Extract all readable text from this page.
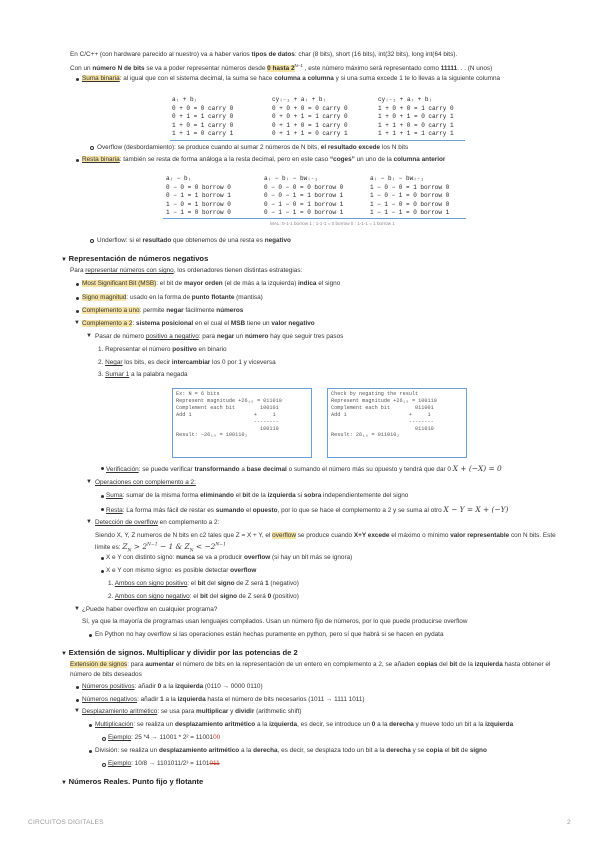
En C/C++ (con hardware parecido al nuestro) va a haber varios tipos de datos: char (8 bits), short (16 bits), int(32 bits), long int(64 bits).
Con un número N de bits se va a poder representar números desde 0 hasta $2^{N-1}$ , este número máximo será representado como 11111. . . (N unos)
Suma binaria: al igual que con el sistema decimal, la suma se hace columna a columna y si una suma excede 1 te lo llevas a la siguiente columna
aᵢ + bᵢ
0 + 0 = 0 carry 0
0 + 1 = 1 carry 0
1 + 0 = 1 carry 0
1 + 1 = 0 carry 1
cyᵢ₋₁ + aᵢ + bᵢ
0 + 0 + 0 = 0 carry 0
0 + 0 + 1 = 1 carry 0
0 + 1 + 0 = 1 carry 0
0 + 1 + 1 = 0 carry 1
cyᵢ₋₁ + aᵢ + bᵢ
1 + 0 + 0 = 1 carry 0
1 + 0 + 1 = 0 carry 1
1 + 1 + 0 = 0 carry 1
1 + 1 + 1 = 1 carry 1
Overflow (desbordamiento): se produce cuando al sumar 2 números de N bits, el resultado excede los N bits
Resta binaria: también se resta de forma análoga a la resta decimal, pero en este caso “coges” un uno de la columna anterior
aᵢ − bᵢ
0 − 0 = 0 borrow 0
0 − 1 = 1 borrow 1
1 − 0 = 1 borrow 0
1 − 1 = 0 borrow 0
aᵢ − bᵢ − bwᵢ₋₁
0 − 0 − 0 = 0 borrow 0
0 − 0 − 1 = 1 borrow 1
0 − 1 − 0 = 1 borrow 1
0 − 1 − 1 = 0 borrow 1
aᵢ − bᵢ − bwᵢ₋₁
1 − 0 − 0 = 1 borrow 0
1 − 0 − 1 = 0 borrow 0
1 − 1 − 0 = 0 borrow 0
1 − 1 − 1 = 0 borrow 1
MAL: 0-1-1 borrow 1 ; 1-1-1 = 0 borrow 0 ; 1-1-1 = 1 borrow 1
Underflow: si el resultado que obtenemos de una resta es negativo
▼ Representación de números negativos
Para representar números con signo, los ordenadores tienen distintas estrategias:
Most Significant Bit (MSB): el bit de mayor orden (el de más a la izquierda) indica el signo
Signo magnitud: usado en la forma de punto flotante (mantisa)
Complemento a uno: permite negar fácilmente números
▼ Complemento a 2: sistema posicional en el cual el MSB tiene un valor negativo
▼ Pasar de número positivo a negativo: para negar un número hay que seguir tres pasos
1. Representar el número positivo en binario
2. Negar los bits, es decir intercambiar los 0 por 1 y viceversa
3. Sumar 1 a la palabra negada
Ex: N = 6 bits
Represent magnitude +26₁₀ = 011010
Complement each bit        100101
Add 1                    +     1
--------
100110
Result: −26₁₀ = 100110₂
Check by negating the result
Represent magnitude +26₁₀ = 100110
Complement each bit        011001
Add 1                    +     1
--------
011010
Result: 26₁₀ = 011010₂
Verificación: se puede verificar transformando a base decimal o sumando el número más su opuesto y tendrá que dar 0 X + (−X) = 0
▼ Operaciones con complemento a 2:
Suma: sumar de la misma forma eliminando el bit de la izquierda si sobra independientemente del signo
Resta: La forma más fácil de restar es sumando el opuesto, por lo que se hace el complemento a 2 y se suma al otro X − Y = X + (−Y)
▼ Detección de overflow en complemento a 2:
Siendo X, Y, Z numeros de N bits en c2 tales que Z = X + Y, el overflow se produce cuando X+Y excede el máximo o mínimo valor representable con N bits. Este
límite es: $Z_N > 2^{N-1} - 1$ & $Z_N < -2^{N-1}$
X e Y con distinto signo: nunca se va a producir overflow (si hay un bit más se ignora)
X e Y con mismo signo: es posible detectar overflow
1. Ambos con signo positivo: el bit del signo de Z será 1 (negativo)
2. Ambos con signo negativo: el bit del signo de Z será 0 (positivo)
▼ ¿Puede haber overflow en cualquier programa?
Sí, ya que la mayoría de programas usan lenguajes compilados. Usan un número fijo de números, por lo que puede producirse overflow
En Python no hay overflow si las operaciones están hechas puramente en python, pero sí que habrá si se hacen en pydata
▼ Extensión de signos. Multiplicar y dividir por las potencias de 2
Extensión de signos: para aumentar el número de bits en la representación de un entero en complemento a 2, se añaden copias del bit de la izquierda hasta obtener el
número de bits deseados
Números positivos: añadir 0 a la izquierda (0110 → 0000 0110)
Números negativos: añadir 1 a la izquierda hasta el número de bits necesarios (1011 → 1111 1011)
▼ Desplazamiento aritmético: se usa para multiplicar y dividir (arithmetic shift)
Multiplicación: se realiza un desplazamiento aritmético a la izquierda, es decir, se introduce un 0 a la derecha y mueve todo un bit a la izquierda
Ejemplo: 25 *4 → 11001 * 2² = 1100100
División: se realiza un desplazamiento aritmético a la derecha, es decir, se desplaza todo un bit a la derecha y se copia el bit de signo
Ejemplo: 10/8 → 1101011/2³ = 1101011
▼ Números Reales. Punto fijo y flotante
CIRCUITOS DIGITALES	2
